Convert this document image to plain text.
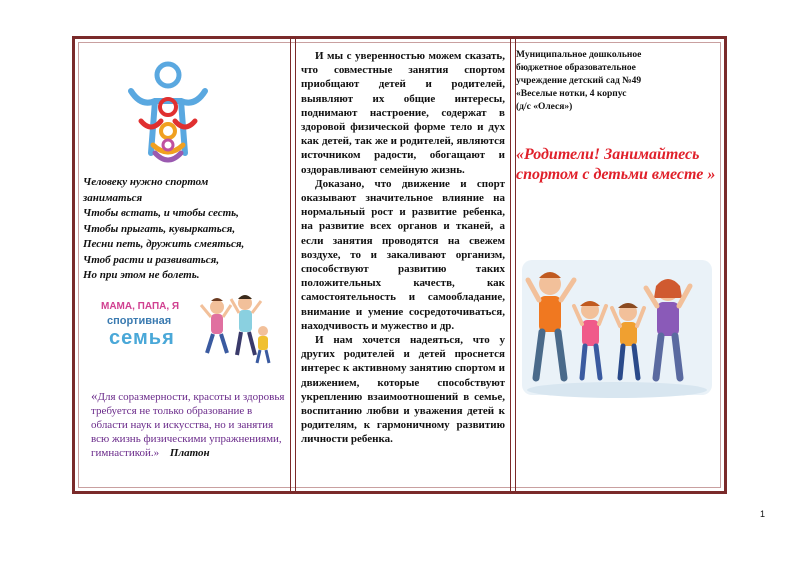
Человеку нужно спортом
заниматься
Чтобы встать, и чтобы сесть,
Чтобы прыгать, кувыркаться,
Песни петь, дружить смеяться,
Чтоб расти и развиваться,
Но при этом не болеть.
МАМА, ПАПА, Я
спортивная
семья
«Для соразмерности, красоты и здоровья требуется не только образование в области наук и искусства, но и занятия всю жизнь физическими упражнениями, гимнастикой.» Платон

И мы с уверенностью можем сказать, что совместные занятия спортом приобщают детей и родителей, выявляют их общие интересы, поднимают настроение, содержат в здоровой физической форме тело и дух как детей, так же и родителей, являются источником радости, обогащают и оздоравливают семейную жизнь.

Доказано, что движение и спорт оказывают значительное влияние на нормальный рост и развитие ребенка, на развитие всех органов и тканей, а если занятия проводятся на свежем воздухе, то и закаливают организм, способствуют развитию таких положительных качеств, как самостоятельность и самообладание, внимание и умение сосредоточиваться, находчивость и мужество и др.

И нам хочется надеяться, что у других родителей и детей проснется интерес к активному занятию спортом и движением, которые способствуют укреплению взаимоотношений в семье, воспитанию любви и уважения детей к родителям, к гармоничному развитию личности ребенка.

Муниципальное дошкольное
бюджетное образовательное
учреждение детский сад №49
«Веселые нотки, 4 корпус
(д/с «Олеся»)
«Родители! Занимайтесь спортом с детьми вместе »
1
